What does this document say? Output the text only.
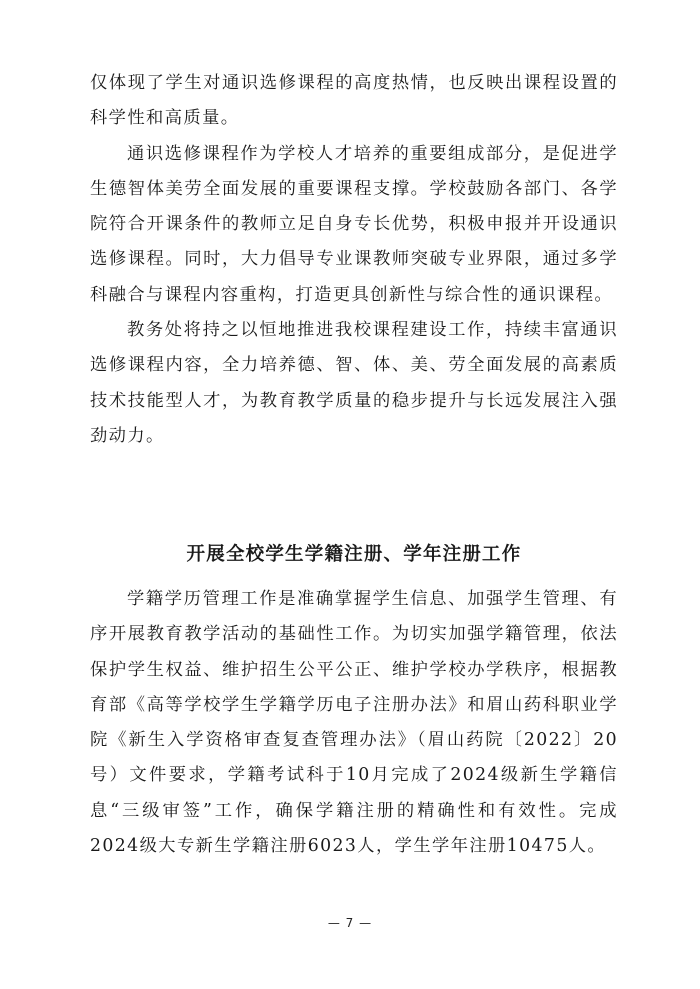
仅体现了学生对通识选修课程的高度热情，也反映出课程设置的科学性和高质量。

通识选修课程作为学校人才培养的重要组成部分，是促进学生德智体美劳全面发展的重要课程支撑。学校鼓励各部门、各学院符合开课条件的教师立足自身专长优势，积极申报并开设通识选修课程。同时，大力倡导专业课教师突破专业界限，通过多学科融合与课程内容重构，打造更具创新性与综合性的通识课程。

教务处将持之以恒地推进我校课程建设工作，持续丰富通识选修课程内容，全力培养德、智、体、美、劳全面发展的高素质技术技能型人才，为教育教学质量的稳步提升与长远发展注入强劲动力。

开展全校学生学籍注册、学年注册工作

学籍学历管理工作是准确掌握学生信息、加强学生管理、有序开展教育教学活动的基础性工作。为切实加强学籍管理，依法保护学生权益、维护招生公平公正、维护学校办学秩序，根据教育部《高等学校学生学籍学历电子注册办法》和眉山药科职业学院《新生入学资格审查复查管理办法》（眉山药院〔2022〕20号）文件要求，学籍考试科于10月完成了2024级新生学籍信息“三级审签”工作，确保学籍注册的精确性和有效性。完成2024级大专新生学籍注册6023人，学生学年注册10475人。

— 7 —
